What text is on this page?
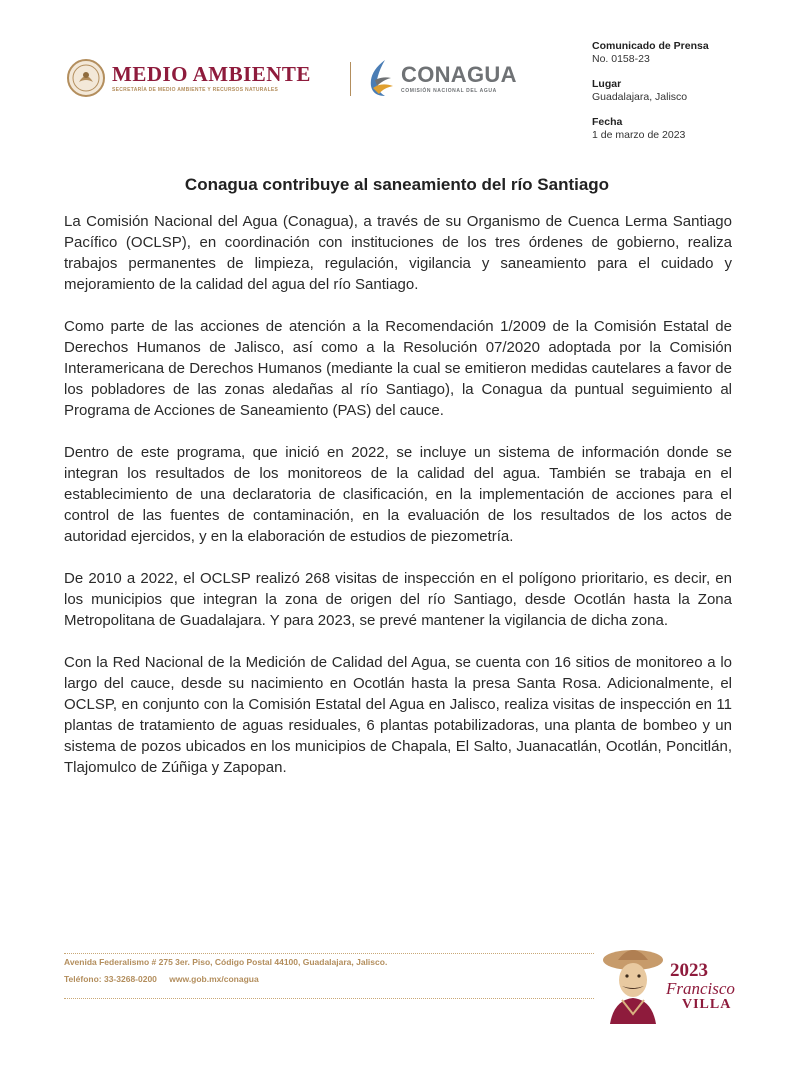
MEDIO AMBIENTE
SECRETARÍA DE MEDIO AMBIENTE Y RECURSOS NATURALES
CONAGUA
COMISIÓN NACIONAL DEL AGUA
Comunicado de Prensa
No. 0158-23
Lugar
Guadalajara, Jalisco
Fecha
1 de marzo de 2023
Conagua contribuye al saneamiento del río Santiago

La Comisión Nacional del Agua (Conagua), a través de su Organismo de Cuenca Lerma Santiago Pacífico (OCLSP), en coordinación con instituciones de los tres órdenes de gobierno, realiza trabajos permanentes de limpieza, regulación, vigilancia y saneamiento para el cuidado y mejoramiento de la calidad del agua del río Santiago.

Como parte de las acciones de atención a la Recomendación 1/2009 de la Comisión Estatal de Derechos Humanos de Jalisco, así como a la Resolución 07/2020 adoptada por la Comisión Interamericana de Derechos Humanos (mediante la cual se emitieron medidas cautelares a favor de los pobladores de las zonas aledañas al río Santiago), la Conagua da puntual seguimiento al Programa de Acciones de Saneamiento (PAS) del cauce.

Dentro de este programa, que inició en 2022, se incluye un sistema de información donde se integran los resultados de los monitoreos de la calidad del agua. También se trabaja en el establecimiento de una declaratoria de clasificación, en la implementación de acciones para el control de las fuentes de contaminación, en la evaluación de los resultados de los actos de autoridad ejercidos, y en la elaboración de estudios de piezometría.

De 2010 a 2022, el OCLSP realizó 268 visitas de inspección en el polígono prioritario, es decir, en los municipios que integran la zona de origen del río Santiago, desde Ocotlán hasta la Zona Metropolitana de Guadalajara. Y para 2023, se prevé mantener la vigilancia de dicha zona.

Con la Red Nacional de la Medición de Calidad del Agua, se cuenta con 16 sitios de monitoreo a lo largo del cauce, desde su nacimiento en Ocotlán hasta la presa Santa Rosa. Adicionalmente, el OCLSP, en conjunto con la Comisión Estatal del Agua en Jalisco, realiza visitas de inspección en 11 plantas de tratamiento de aguas residuales, 6 plantas potabilizadoras, una planta de bombeo y un sistema de pozos ubicados en los municipios de Chapala, El Salto, Juanacatlán, Ocotlán, Poncitlán, Tlajomulco de Zúñiga y Zapopan.

Avenida Federalismo # 275 3er. Piso, Código Postal 44100, Guadalajara, Jalisco.
Teléfono: 33-3268-0200 www.gob.mx/conagua	2023
Francisco
VILLA
